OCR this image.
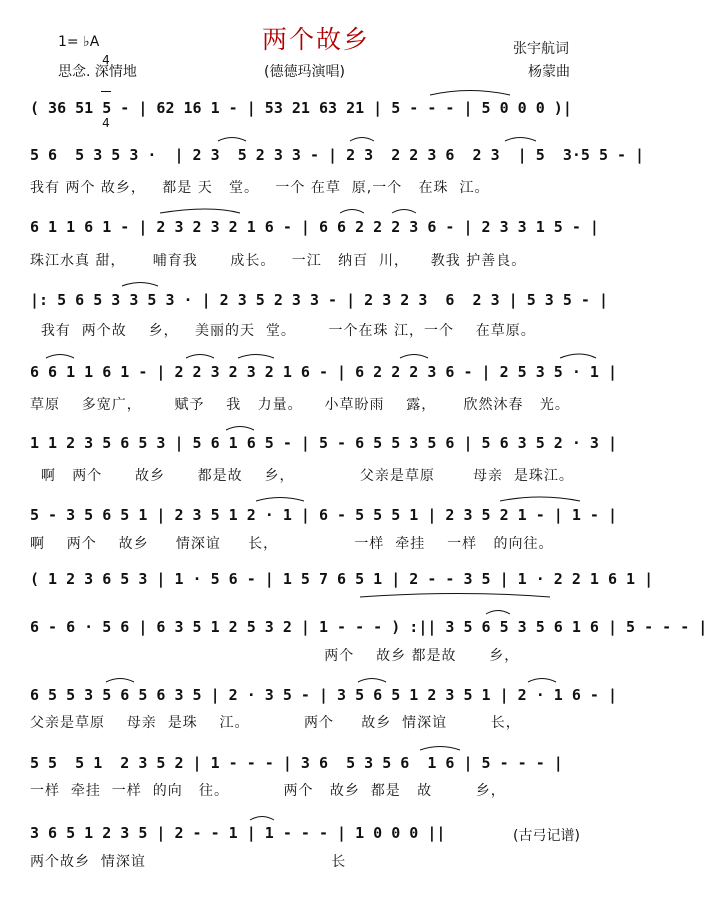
1= ♭A

4

4

两个故乡
思念. 深情地	(德德玛演唱)
张宇航词
杨蒙曲
( 36 51 5 - | 62 16 1 - | 53 21 63 21 | 5 - - - | 5 0 0 0 )|
5 6  5 3 5 3 ·  | 2 3  5 2 3 3 - | 2 3  2 2 3 6  2 3  | 5  3·5 5 - |
我有 两个 故乡，   都是 天   堂。   一个 在草  原,一个   在珠  江。
6 1 1 6 1 - | 2 3 2 3 2 1 6 - | 6 6 2 2 2 3 6 - | 2 3 3 1 5 - |
珠江水真 甜，     哺育我      成长。   一江   纳百  川，    教我 护善良。
|: 5 6 5 3 3 5 3 · | 2 3 5 2 3 3 - | 2 3 2 3  6  2 3 | 5 3 5 - |
我有  两个故    乡，   美丽的天  堂。      一个在珠 江，一个    在草原。
6 6 1 1 6 1 - | 2 2 3 2 3 2 1 6 - | 6 2 2 2 3 6 - | 2 5 3 5 · 1 |
草原    多宽广，      赋予    我   力量。    小草盼雨    露，     欣然沐春   光。
1 1 2 3 5 6 5 3 | 5 6 1 6 5 - | 5 - 6 5 5 3 5 6 | 5 6 3 5 2 · 3 |
啊   两个      故乡      都是故    乡，            父亲是草原       母亲  是珠江。
5 - 3 5 6 5 1 | 2 3 5 1 2 · 1 | 6 - 5 5 5 1 | 2 3 5 2 1 - | 1 - |
啊    两个    故乡     情深谊     长，              一样  牵挂    一样   的向往。
( 1 2 3 6 5 3 | 1 · 5 6 - | 1 5 7 6 5 1 | 2 - - 3 5 | 1 · 2 2 1 6 1 |
6 - 6 · 5 6 | 6 3 5 1 2 5 3 2 | 1 - - - ) :|| 3 5 6 5 3 5 6 1 6 | 5 - - - |
两个    故乡 都是故      乡，
6 5 5 3 5 6 5 6 3 5 | 2 · 3 5 - | 3 5 6 5 1 2 3 5 1 | 2 · 1 6 - |
父亲是草原    母亲  是珠    江。          两个     故乡  情深谊        长，
5 5  5 1  2 3 5 2 | 1 - - - | 3 6  5 3 5 6  1 6 | 5 - - - |
一样  牵挂  一样  的向   往。          两个   故乡  都是   故        乡，
3 6 5 1 2 3 5 | 2 - - 1 | 1 - - - | 1 0 0 0 ||
两个故乡  情深谊                                  长
(古弓记谱)
